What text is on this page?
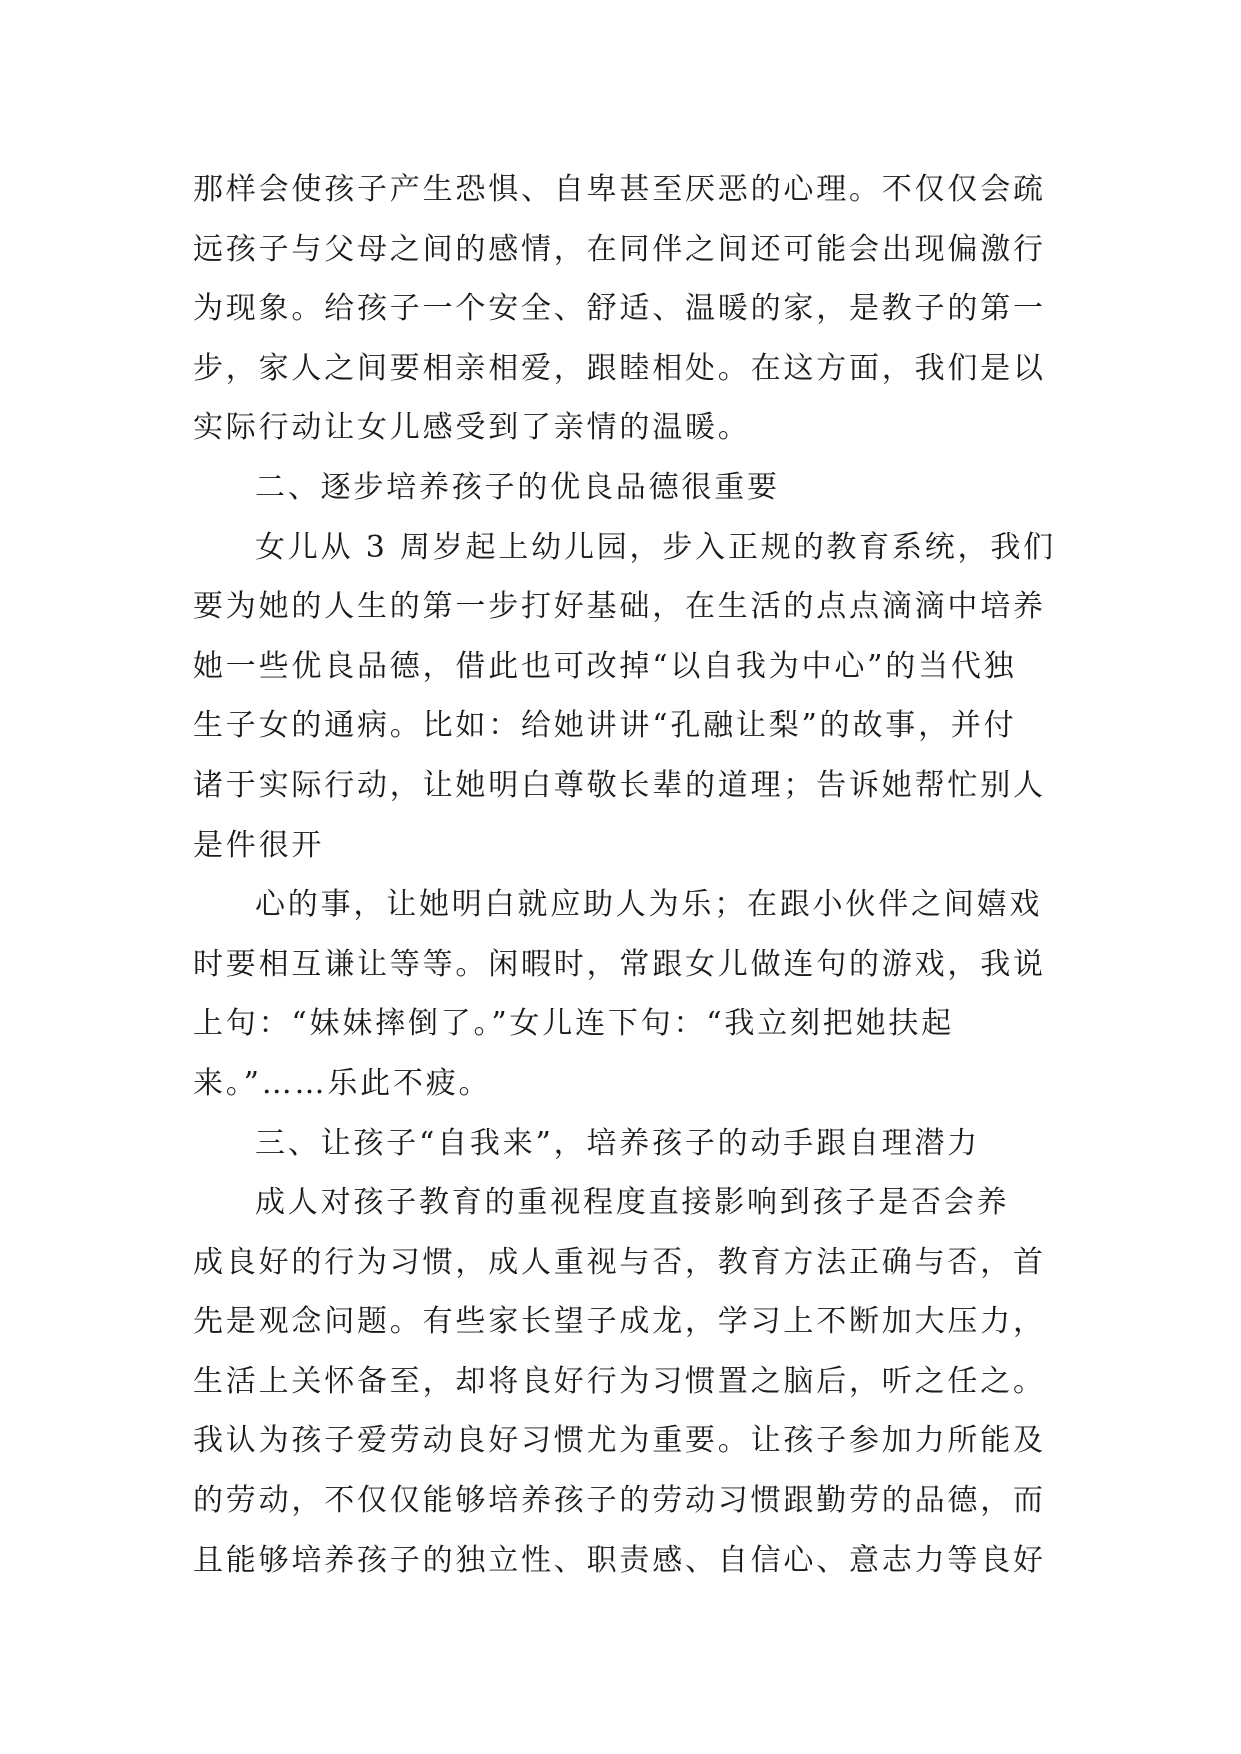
那样会使孩子产生恐惧、自卑甚至厌恶的心理。不仅仅会疏
远孩子与父母之间的感情，在同伴之间还可能会出现偏激行
为现象。给孩子一个安全、舒适、温暖的家，是教子的第一
步，家人之间要相亲相爱，跟睦相处。在这方面，我们是以
实际行动让女儿感受到了亲情的温暖。
二、逐步培养孩子的优良品德很重要
女儿从 3 周岁起上幼儿园，步入正规的教育系统，我们
要为她的人生的第一步打好基础，在生活的点点滴滴中培养
她一些优良品德，借此也可改掉“以自我为中心”的当代独
生子女的通病。比如：给她讲讲“孔融让梨”的故事，并付
诸于实际行动，让她明白尊敬长辈的道理；告诉她帮忙别人
是件很开
心的事，让她明白就应助人为乐；在跟小伙伴之间嬉戏
时要相互谦让等等。闲暇时，常跟女儿做连句的游戏，我说
上句：“妹妹摔倒了。”女儿连下句：“我立刻把她扶起
来。”……乐此不疲。
三、让孩子“自我来”，培养孩子的动手跟自理潜力
成人对孩子教育的重视程度直接影响到孩子是否会养
成良好的行为习惯，成人重视与否，教育方法正确与否，首
先是观念问题。有些家长望子成龙，学习上不断加大压力，
生活上关怀备至，却将良好行为习惯置之脑后，听之任之。
我认为孩子爱劳动良好习惯尤为重要。让孩子参加力所能及
的劳动，不仅仅能够培养孩子的劳动习惯跟勤劳的品德，而
且能够培养孩子的独立性、职责感、自信心、意志力等良好
